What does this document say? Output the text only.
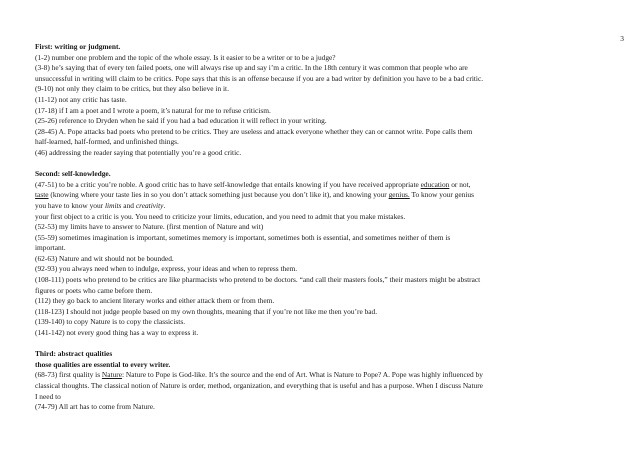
3
First: writing or judgment.
(1-2) number one problem and the topic of the whole essay. Is it easier to be a writer or to be a judge?
(3-8) he’s saying that of every ten failed poets, one will always rise up and say i’m a critic. In the 18th century it was common that people who are
unsuccessful in writing will claim to be critics. Pope says that this is an offense because if you are a bad writer by definition you have to be a bad critic.
(9-10) not only they claim to be critics, but they also believe in it.
(11-12) not any critic has taste.
(17-18) if I am a poet and I wrote a poem, it’s natural for me to refuse criticism.
(25-26) reference to Dryden when he said if you had a bad education it will reflect in your writing.
(28-45) A. Pope attacks bad poets who pretend to be critics. They are useless and attack everyone whether they can or cannot write. Pope calls them
half-learned, half-formed, and unfinished things.
(46) addressing the reader saying that potentially you’re a good critic.
Second: self-knowledge.
(47-51) to be a critic you’re noble. A good critic has to have self-knowledge that entails knowing if you have received appropriate education or not,
taste (knowing where your taste lies in so you don’t attack something just because you don’t like it), and knowing your genius. To know your genius
you have to know your limits and creativity.
your first object to a critic is you. You need to criticize your limits, education, and you need to admit that you make mistakes.
(52-53) my limits have to answer to Nature. (first mention of Nature and wit)
(55-59) sometimes imagination is important, sometimes memory is important, sometimes both is essential, and sometimes neither of them is
important.
(62-63) Nature and wit should not be bounded.
(92-93) you always need when to indulge, express, your ideas and when to repress them.
(108-111) poets who pretend to be critics are like pharmacists who pretend to be doctors. “and call their masters fools,” their masters might be abstract
figures or poets who came before them.
(112) they go back to ancient literary works and either attack them or from them.
(118-123) I should not judge people based on my own thoughts, meaning that if you’re not like me then you’re bad.
(139-140) to copy Nature is to copy the classicists.
(141-142) not every good thing has a way to express it.
Third: abstract qualities
those qualities are essential to every writer.
(68-73) first quality is Nature: Nature to Pope is God-like. It’s the source and the end of Art. What is Nature to Pope? A. Pope was highly influenced by
classical thoughts. The classical notion of Nature is order, method, organization, and everything that is useful and has a purpose. When I discuss Nature
I need to
(74-79) All art has to come from Nature.
